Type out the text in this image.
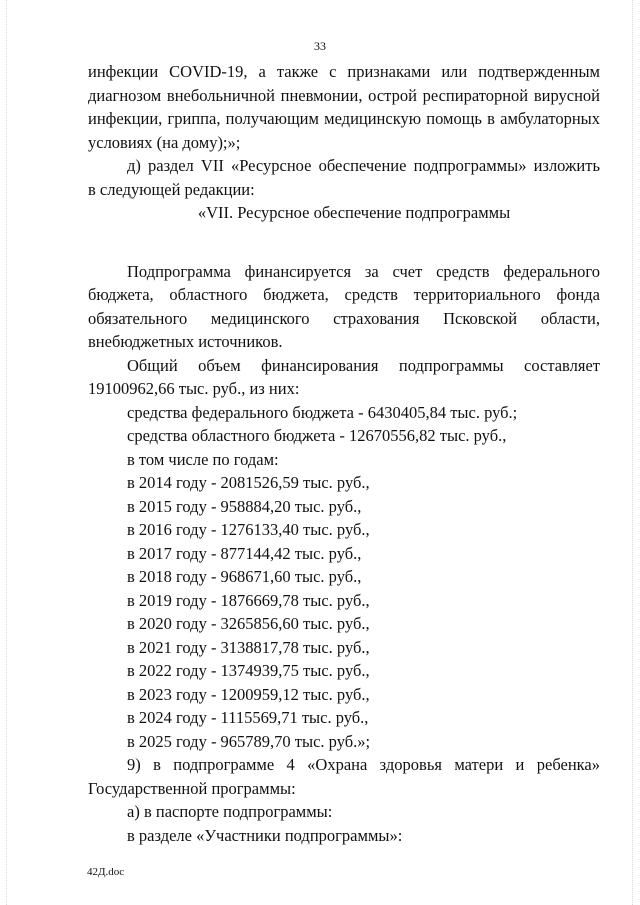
33
инфекции COVID-19, а также с признаками или подтвержденным
диагнозом внебольничной пневмонии, острой респираторной вирусной
инфекции, гриппа, получающим медицинскую помощь в амбулаторных
условиях (на дому);»;
д) раздел VII «Ресурсное обеспечение подпрограммы» изложить
в следующей редакции:
«VII. Ресурсное обеспечение подпрограммы
Подпрограмма финансируется за счет средств федерального
бюджета, областного бюджета, средств территориального фонда
обязательного медицинского страхования Псковской области,
внебюджетных источников.
Общий объем финансирования подпрограммы составляет
19100962,66 тыс. руб., из них:
средства федерального бюджета - 6430405,84 тыс. руб.;
средства областного бюджета - 12670556,82 тыс. руб.,
в том числе по годам:
в 2014 году - 2081526,59 тыс. руб.,
в 2015 году - 958884,20 тыс. руб.,
в 2016 году - 1276133,40 тыс. руб.,
в 2017 году - 877144,42 тыс. руб.,
в 2018 году - 968671,60 тыс. руб.,
в 2019 году - 1876669,78 тыс. руб.,
в 2020 году - 3265856,60 тыс. руб.,
в 2021 году - 3138817,78 тыс. руб.,
в 2022 году - 1374939,75 тыс. руб.,
в 2023 году - 1200959,12 тыс. руб.,
в 2024 году - 1115569,71 тыс. руб.,
в 2025 году - 965789,70 тыс. руб.»;
9) в подпрограмме 4 «Охрана здоровья матери и ребенка»
Государственной программы:
а) в паспорте подпрограммы:
в разделе «Участники подпрограммы»:
42Д.doc
